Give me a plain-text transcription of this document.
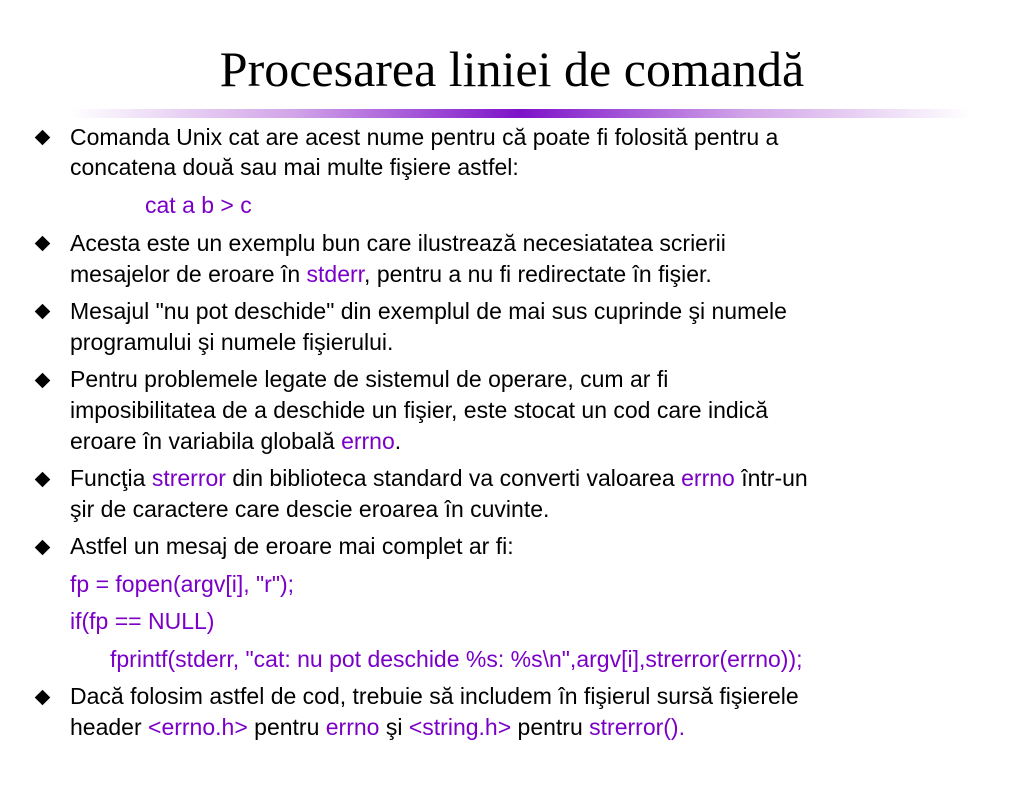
Procesarea liniei de comandă
Comanda Unix cat are acest nume pentru că poate fi folosită pentru a
concatena două sau mai multe fişiere astfel:
cat a b > c
Acesta este un exemplu bun care ilustrează necesiatatea scrierii
mesajelor de eroare în stderr, pentru a nu fi redirectate în fişier.
Mesajul "nu pot deschide" din exemplul de mai sus cuprinde şi numele
programului şi numele fişierului.
Pentru problemele legate de sistemul de operare, cum ar fi
imposibilitatea de a deschide un fişier, este stocat un cod care indică
eroare în variabila globală errno.
Funcţia strerror din biblioteca standard va converti valoarea errno într-un
şir de caractere care descie eroarea în cuvinte.
Astfel un mesaj de eroare mai complet ar fi:
fp = fopen(argv[i], "r");
if(fp == NULL)
fprintf(stderr, "cat: nu pot deschide %s: %s\n",argv[i],strerror(errno));
Dacă folosim astfel de cod, trebuie să includem în fişierul sursă fişierele
header <errno.h> pentru errno şi <string.h> pentru strerror().
